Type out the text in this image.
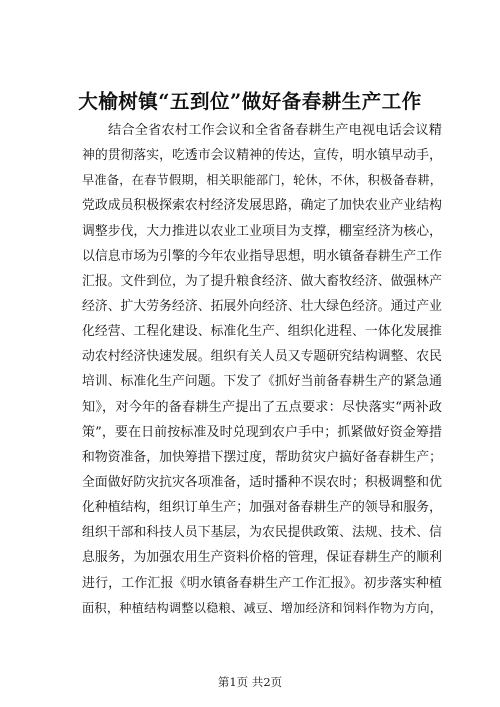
大榆树镇“五到位”做好备春耕生产工作
结合全省农村工作会议和全省备春耕生产电视电话会议精
神的贯彻落实，吃透市会议精神的传达，宣传，明水镇早动手，
早准备，在春节假期，相关职能部门，轮休，不休，积极备春耕，
党政成员积极探索农村经济发展思路，确定了加快农业产业结构
调整步伐，大力推进以农业工业项目为支撑，棚室经济为核心，
以信息市场为引擎的今年农业指导思想，明水镇备春耕生产工作
汇报。文件到位，为了提升粮食经济、做大畜牧经济、做强林产
经济、扩大劳务经济、拓展外向经济、壮大绿色经济。通过产业
化经营、工程化建设、标准化生产、组织化进程、一体化发展推
动农村经济快速发展。组织有关人员又专题研究结构调整、农民
培训、标准化生产问题。下发了《抓好当前备春耕生产的紧急通
知》，对今年的备春耕生产提出了五点要求：尽快落实“两补政
策”，要在日前按标准及时兑现到农户手中；抓紧做好资金筹措
和物资准备，加快筹措下摆过度，帮助贫灾户搞好备春耕生产；
全面做好防灾抗灾各项准备，适时播种不误农时；积极调整和优
化种植结构，组织订单生产；加强对备春耕生产的领导和服务，
组织干部和科技人员下基层，为农民提供政策、法规、技术、信
息服务，为加强农用生产资料价格的管理，保证春耕生产的顺利
进行，工作汇报《明水镇备春耕生产工作汇报》。初步落实种植
面积，种植结构调整以稳粮、减豆、增加经济和饲料作物为方向，
第1页 共2页
